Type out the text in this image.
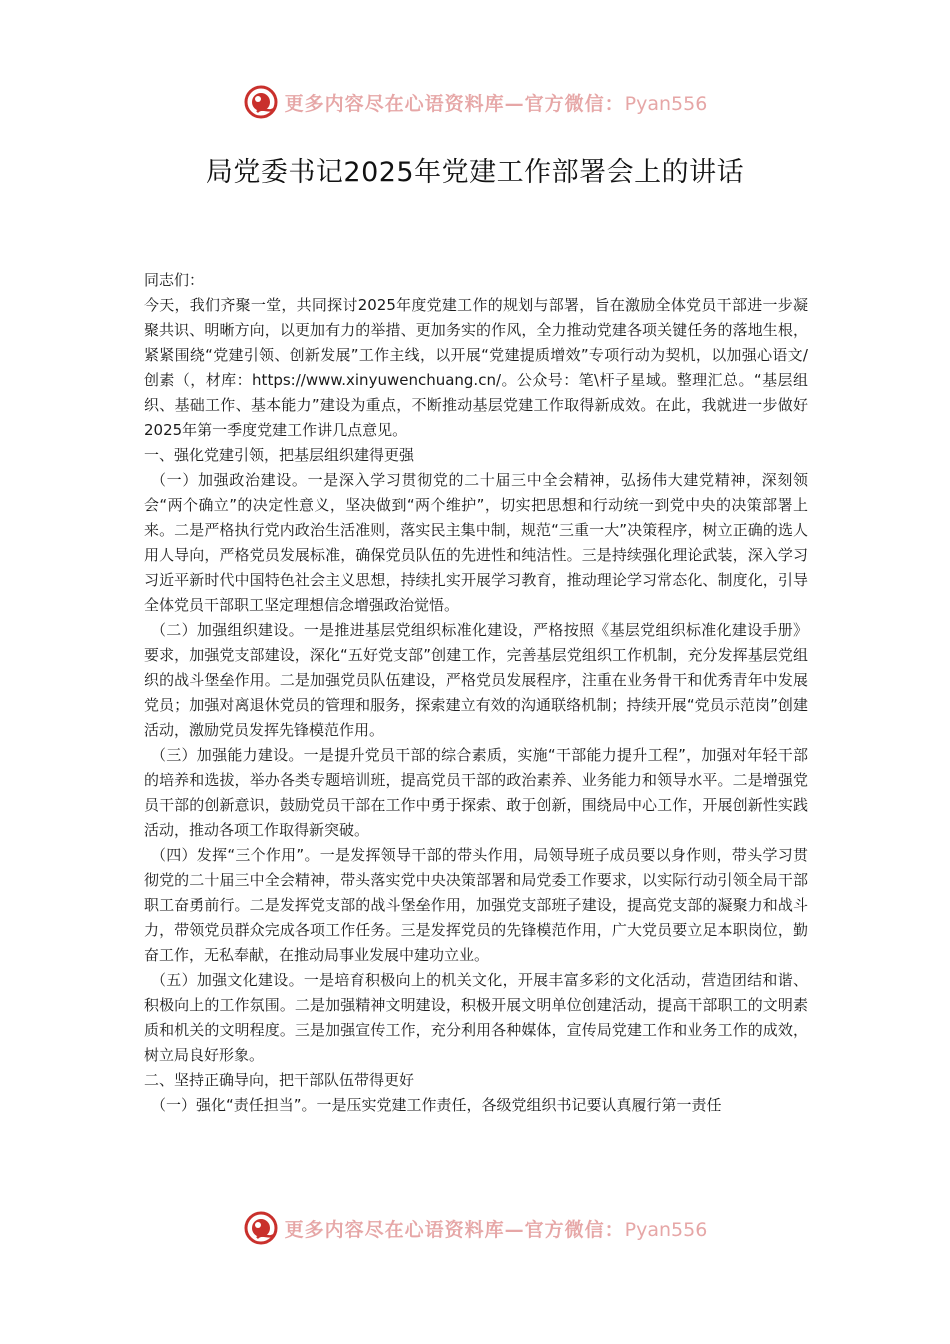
更多内容尽在心语资料库—官方微信：Pyan556
局党委书记2025年党建工作部署会上的讲话

同志们：

今天，我们齐聚一堂，共同探讨2025年度党建工作的规划与部署，旨在激励全体党员干部进一步凝聚共识、明晰方向，以更加有力的举措、更加务实的作风，全力推动党建各项关键任务的落地生根，紧紧围绕“党建引领、创新发展”工作主线，以开展“党建提质增效”专项行动为契机，以加强心语文/创素（，材库：https://www.xinyuwenchuang.cn/。公众号：笔\杆子星域。整理汇总。“基层组织、基础工作、基本能力”建设为重点，不断推动基层党建工作取得新成效。在此，我就进一步做好2025年第一季度党建工作讲几点意见。

一、强化党建引领，把基层组织建得更强

（一）加强政治建设。一是深入学习贯彻党的二十届三中全会精神，弘扬伟大建党精神，深刻领会“两个确立”的决定性意义，坚决做到“两个维护”，切实把思想和行动统一到党中央的决策部署上来。二是严格执行党内政治生活准则，落实民主集中制，规范“三重一大”决策程序，树立正确的选人用人导向，严格党员发展标准，确保党员队伍的先进性和纯洁性。三是持续强化理论武装，深入学习习近平新时代中国特色社会主义思想，持续扎实开展学习教育，推动理论学习常态化、制度化，引导全体党员干部职工坚定理想信念增强政治觉悟。

（二）加强组织建设。一是推进基层党组织标准化建设，严格按照《基层党组织标准化建设手册》要求，加强党支部建设，深化“五好党支部”创建工作，完善基层党组织工作机制，充分发挥基层党组织的战斗堡垒作用。二是加强党员队伍建设，严格党员发展程序，注重在业务骨干和优秀青年中发展党员；加强对离退休党员的管理和服务，探索建立有效的沟通联络机制；持续开展“党员示范岗”创建活动，激励党员发挥先锋模范作用。

（三）加强能力建设。一是提升党员干部的综合素质，实施“干部能力提升工程”，加强对年轻干部的培养和选拔，举办各类专题培训班，提高党员干部的政治素养、业务能力和领导水平。二是增强党员干部的创新意识，鼓励党员干部在工作中勇于探索、敢于创新，围绕局中心工作，开展创新性实践活动，推动各项工作取得新突破。

（四）发挥“三个作用”。一是发挥领导干部的带头作用，局领导班子成员要以身作则，带头学习贯彻党的二十届三中全会精神，带头落实党中央决策部署和局党委工作要求，以实际行动引领全局干部职工奋勇前行。二是发挥党支部的战斗堡垒作用，加强党支部班子建设，提高党支部的凝聚力和战斗力，带领党员群众完成各项工作任务。三是发挥党员的先锋模范作用，广大党员要立足本职岗位，勤奋工作，无私奉献，在推动局事业发展中建功立业。

（五）加强文化建设。一是培育积极向上的机关文化，开展丰富多彩的文化活动，营造团结和谐、积极向上的工作氛围。二是加强精神文明建设，积极开展文明单位创建活动，提高干部职工的文明素质和机关的文明程度。三是加强宣传工作，充分利用各种媒体，宣传局党建工作和业务工作的成效，树立局良好形象。

二、坚持正确导向，把干部队伍带得更好

（一）强化“责任担当”。一是压实党建工作责任，各级党组织书记要认真履行第一责任

更多内容尽在心语资料库—官方微信：Pyan556
